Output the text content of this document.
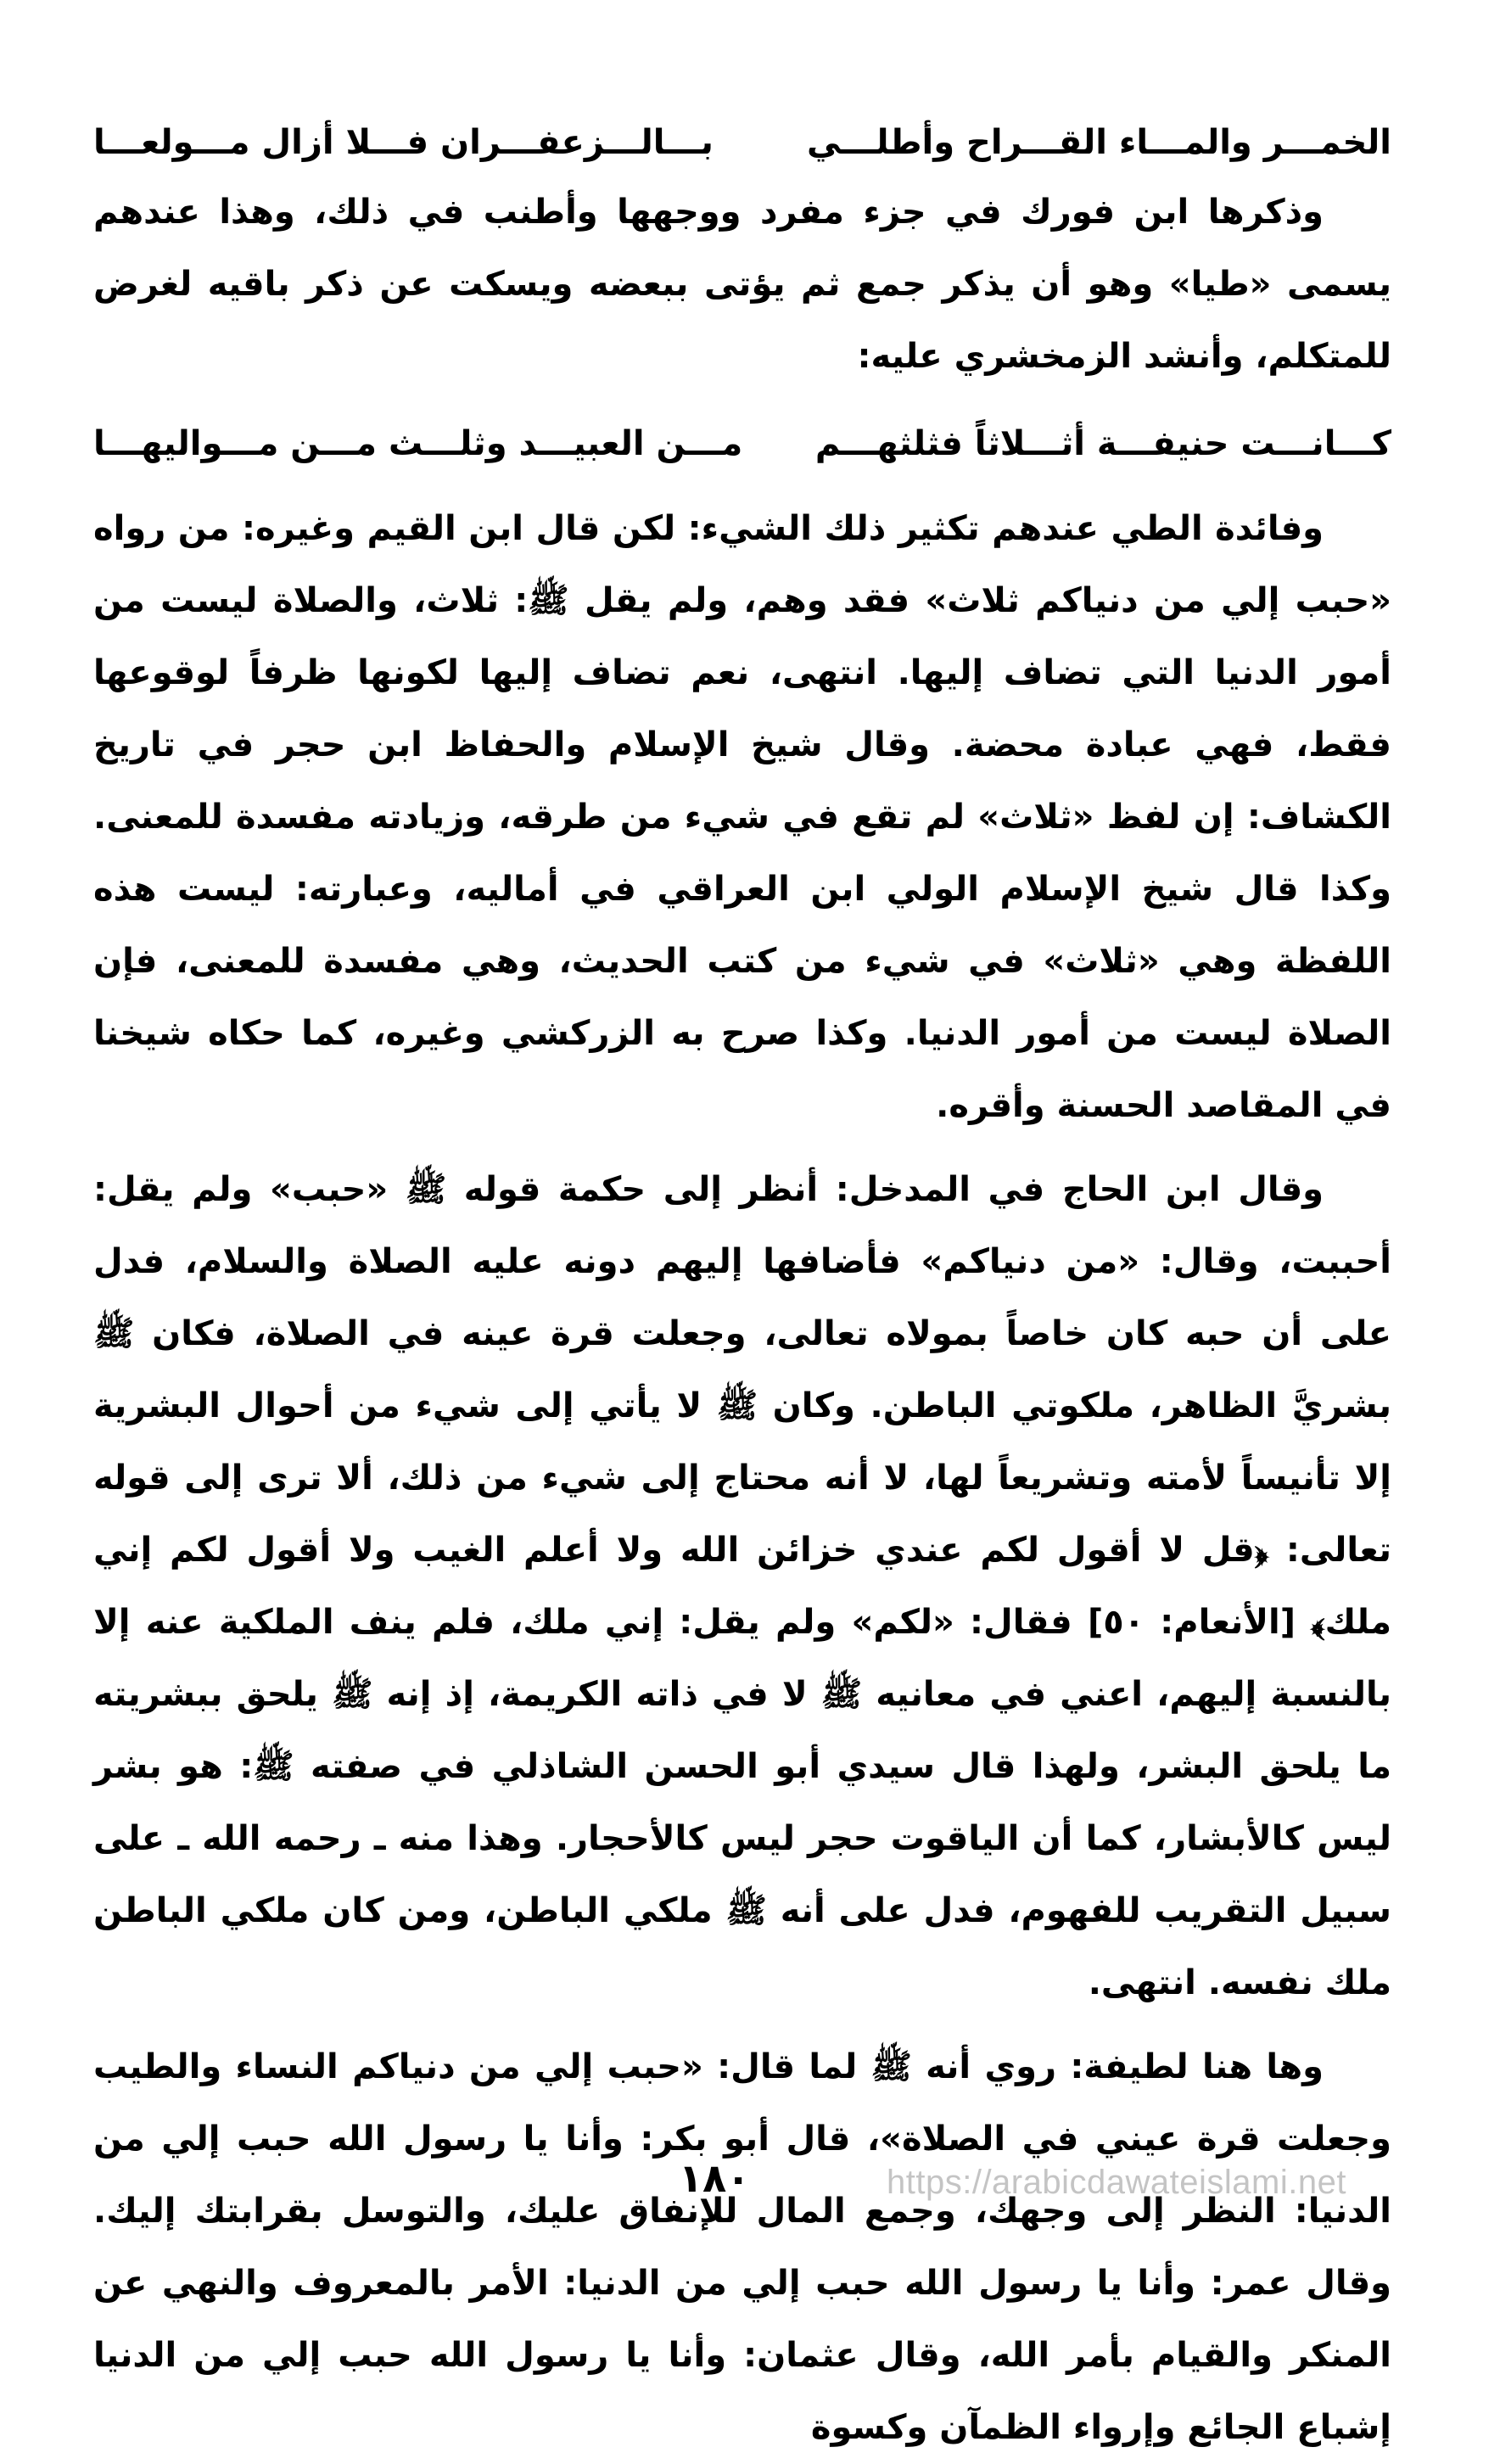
الخمـــر والمـــاء القـــراح وأطلـــي
بـــالـــزعفـــران فـــلا أزال مـــولعـــا

وذكرها ابن فورك في جزء مفرد ووجهها وأطنب في ذلك، وهذا عندهم يسمى «طيا» وهو أن يذكر جمع ثم يؤتى ببعضه ويسكت عن ذكر باقيه لغرض للمتكلم، وأنشد الزمخشري عليه:

كـــانـــت حنيفـــة أثـــلاثاً فثلثهـــم
مـــن العبيـــد وثلـــث مـــن مـــواليهـــا

وفائدة الطي عندهم تكثير ذلك الشيء: لكن قال ابن القيم وغيره: من رواه «حبب إلي من دنياكم ثلاث» فقد وهم، ولم يقل ﷺ: ثلاث، والصلاة ليست من أمور الدنيا التي تضاف إليها. انتهى، نعم تضاف إليها لكونها ظرفاً لوقوعها فقط، فهي عبادة محضة. وقال شيخ الإسلام والحفاظ ابن حجر في تاريخ الكشاف: إن لفظ «ثلاث» لم تقع في شيء من طرقه، وزيادته مفسدة للمعنى. وكذا قال شيخ الإسلام الولي ابن العراقي في أماليه، وعبارته: ليست هذه اللفظة وهي «ثلاث» في شيء من كتب الحديث، وهي مفسدة للمعنى، فإن الصلاة ليست من أمور الدنيا. وكذا صرح به الزركشي وغيره، كما حكاه شيخنا في المقاصد الحسنة وأقره.

وقال ابن الحاج في المدخل: أنظر إلى حكمة قوله ﷺ «حبب» ولم يقل: أحببت، وقال: «من دنياكم» فأضافها إليهم دونه عليه الصلاة والسلام، فدل على أن حبه كان خاصاً بمولاه تعالى، وجعلت قرة عينه في الصلاة، فكان ﷺ بشريَّ الظاهر، ملكوتي الباطن. وكان ﷺ لا يأتي إلى شيء من أحوال البشرية إلا تأنيساً لأمته وتشريعاً لها، لا أنه محتاج إلى شيء من ذلك، ألا ترى إلى قوله تعالى: ﴿قل لا أقول لكم عندي خزائن الله ولا أعلم الغيب ولا أقول لكم إني ملك﴾ [الأنعام: ٥٠] فقال: «لكم» ولم يقل: إني ملك، فلم ينف الملكية عنه إلا بالنسبة إليهم، اعني في معانيه ﷺ لا في ذاته الكريمة، إذ إنه ﷺ يلحق ببشريته ما يلحق البشر، ولهذا قال سيدي أبو الحسن الشاذلي في صفته ﷺ: هو بشر ليس كالأبشار، كما أن الياقوت حجر ليس كالأحجار. وهذا منه ـ رحمه الله ـ على سبيل التقريب للفهوم، فدل على أنه ﷺ ملكي الباطن، ومن كان ملكي الباطن ملك نفسه. انتهى.

وها هنا لطيفة: روي أنه ﷺ لما قال: «حبب إلي من دنياكم النساء والطيب وجعلت قرة عيني في الصلاة»، قال أبو بكر: وأنا يا رسول الله حبب إلي من الدنيا: النظر إلى وجهك، وجمع المال للإنفاق عليك، والتوسل بقرابتك إليك. وقال عمر: وأنا يا رسول الله حبب إلي من الدنيا: الأمر بالمعروف والنهي عن المنكر والقيام بأمر الله، وقال عثمان: وأنا يا رسول الله حبب إلي من الدنيا إشباع الجائع وإرواء الظمآن وكسوة

١٨٠	https://arabicdawateislami.net
